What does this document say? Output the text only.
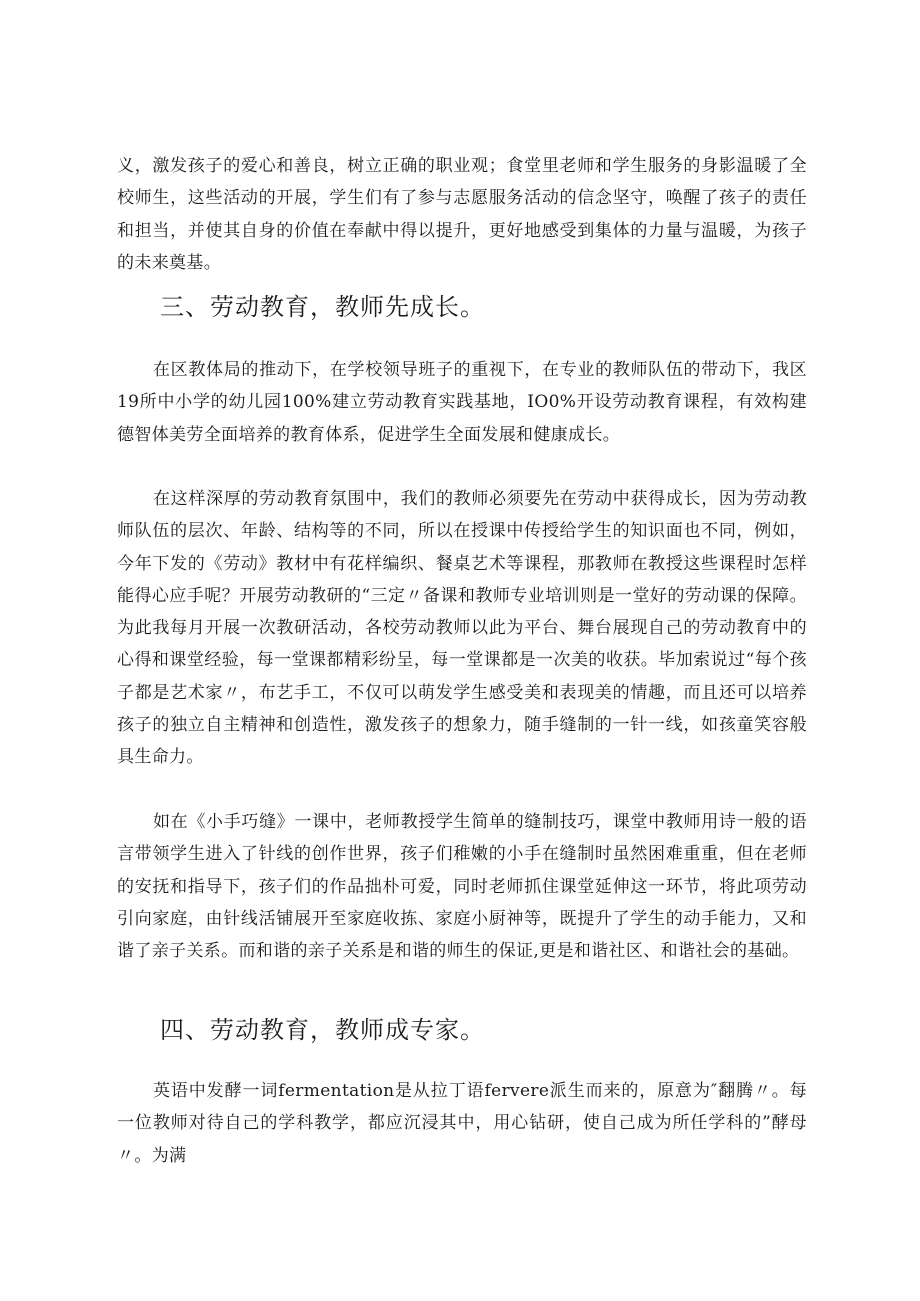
义，激发孩子的爱心和善良，树立正确的职业观；食堂里老师和学生服务的身影温暖了全校师生，这些活动的开展，学生们有了参与志愿服务活动的信念坚守，唤醒了孩子的责任和担当，并使其自身的价值在奉献中得以提升，更好地感受到集体的力量与温暖，为孩子的未来奠基。

三、劳动教育，教师先成长。

在区教体局的推动下，在学校领导班子的重视下，在专业的教师队伍的带动下，我区19所中小学的幼儿园100%建立劳动教育实践基地，IO0%开设劳动教育课程，有效构建德智体美劳全面培养的教育体系，促进学生全面发展和健康成长。

在这样深厚的劳动教育氛围中，我们的教师必须要先在劳动中获得成长，因为劳动教师队伍的层次、年龄、结构等的不同，所以在授课中传授给学生的知识面也不同，例如，今年下发的《劳动》教材中有花样编织、餐桌艺术等课程，那教师在教授这些课程时怎样能得心应手呢？开展劳动教研的“三定〃备课和教师专业培训则是一堂好的劳动课的保障。为此我每月开展一次教研活动，各校劳动教师以此为平台、舞台展现自己的劳动教育中的心得和课堂经验，每一堂课都精彩纷呈，每一堂课都是一次美的收获。毕加索说过“每个孩子都是艺术家〃，布艺手工，不仅可以萌发学生感受美和表现美的情趣，而且还可以培养孩子的独立自主精神和创造性，激发孩子的想象力，随手缝制的一针一线，如孩童笑容般具生命力。

如在《小手巧缝》一课中，老师教授学生简单的缝制技巧，课堂中教师用诗一般的语言带领学生进入了针线的创作世界，孩子们稚嫩的小手在缝制时虽然困难重重，但在老师的安抚和指导下，孩子们的作品拙朴可爱，同时老师抓住课堂延伸这一环节，将此项劳动引向家庭，由针线活铺展开至家庭收拣、家庭小厨神等，既提升了学生的动手能力，又和谐了亲子关系。而和谐的亲子关系是和谐的师生的保证,更是和谐社区、和谐社会的基础。

四、劳动教育，教师成专家。

英语中发酵一词fermentation是从拉丁语fervere派生而来的，原意为″翻腾〃。每一位教师对待自己的学科教学，都应沉浸其中，用心钻研，使自己成为所任学科的”酵母〃。为满
